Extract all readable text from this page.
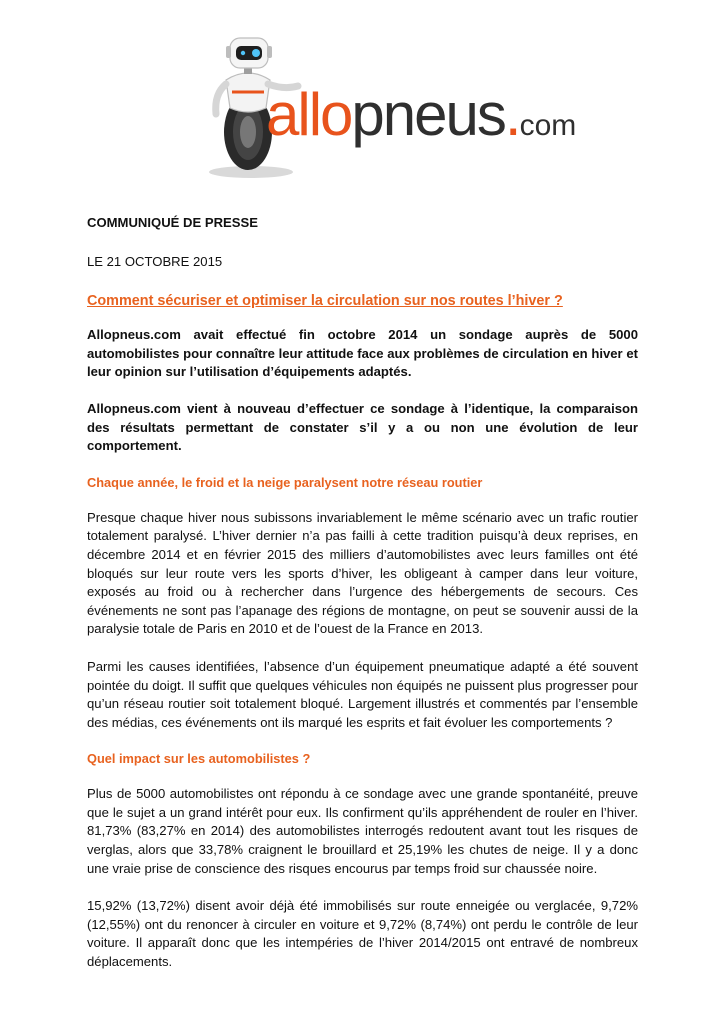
allopneus.com

COMMUNIQUÉ DE PRESSE

LE 21 OCTOBRE 2015

Comment sécuriser et optimiser la circulation sur nos routes l’hiver ?

Allopneus.com avait effectué fin octobre 2014 un sondage auprès de 5000 automobilistes pour connaître leur attitude face aux problèmes de circulation en hiver et leur opinion sur l’utilisation d’équipements adaptés.

Allopneus.com vient à nouveau d’effectuer ce sondage à l’identique, la comparaison des résultats permettant de constater s’il y a ou non une évolution de leur comportement.

Chaque année, le froid et la neige paralysent notre réseau routier

Presque chaque hiver nous subissons invariablement le même scénario avec un trafic routier totalement paralysé. L’hiver dernier n’a pas failli à cette tradition puisqu’à deux reprises, en décembre 2014 et en février 2015 des milliers d’automobilistes avec leurs familles ont été bloqués sur leur route vers les sports d’hiver, les obligeant à camper dans leur voiture, exposés au froid ou à rechercher dans l’urgence des hébergements de secours. Ces événements ne sont pas l’apanage des régions de montagne, on peut se souvenir aussi de la paralysie totale de Paris en 2010 et de l’ouest de la France en 2013.

Parmi les causes identifiées, l’absence d’un équipement pneumatique adapté a été souvent pointée du doigt. Il suffit que quelques véhicules non équipés ne puissent plus progresser pour qu’un réseau routier soit totalement bloqué. Largement illustrés et commentés par l’ensemble des médias, ces événements ont ils marqué les esprits et fait évoluer les comportements ?

Quel impact sur les automobilistes ?

Plus de 5000 automobilistes ont répondu à ce sondage avec une grande spontanéité, preuve que le sujet a un grand intérêt pour eux. Ils confirment qu’ils appréhendent de rouler en l’hiver. 81,73% (83,27% en 2014) des automobilistes interrogés redoutent avant tout les risques de verglas, alors que 33,78% craignent le brouillard et 25,19% les chutes de neige. Il y a donc une vraie prise de conscience des risques encourus par temps froid sur chaussée noire.

15,92% (13,72%) disent avoir déjà été immobilisés sur route enneigée ou verglacée, 9,72% (12,55%) ont du renoncer à circuler en voiture et 9,72% (8,74%) ont perdu le contrôle de leur voiture. Il apparaît donc que les intempéries de l’hiver 2014/2015 ont entravé de nombreux déplacements.
